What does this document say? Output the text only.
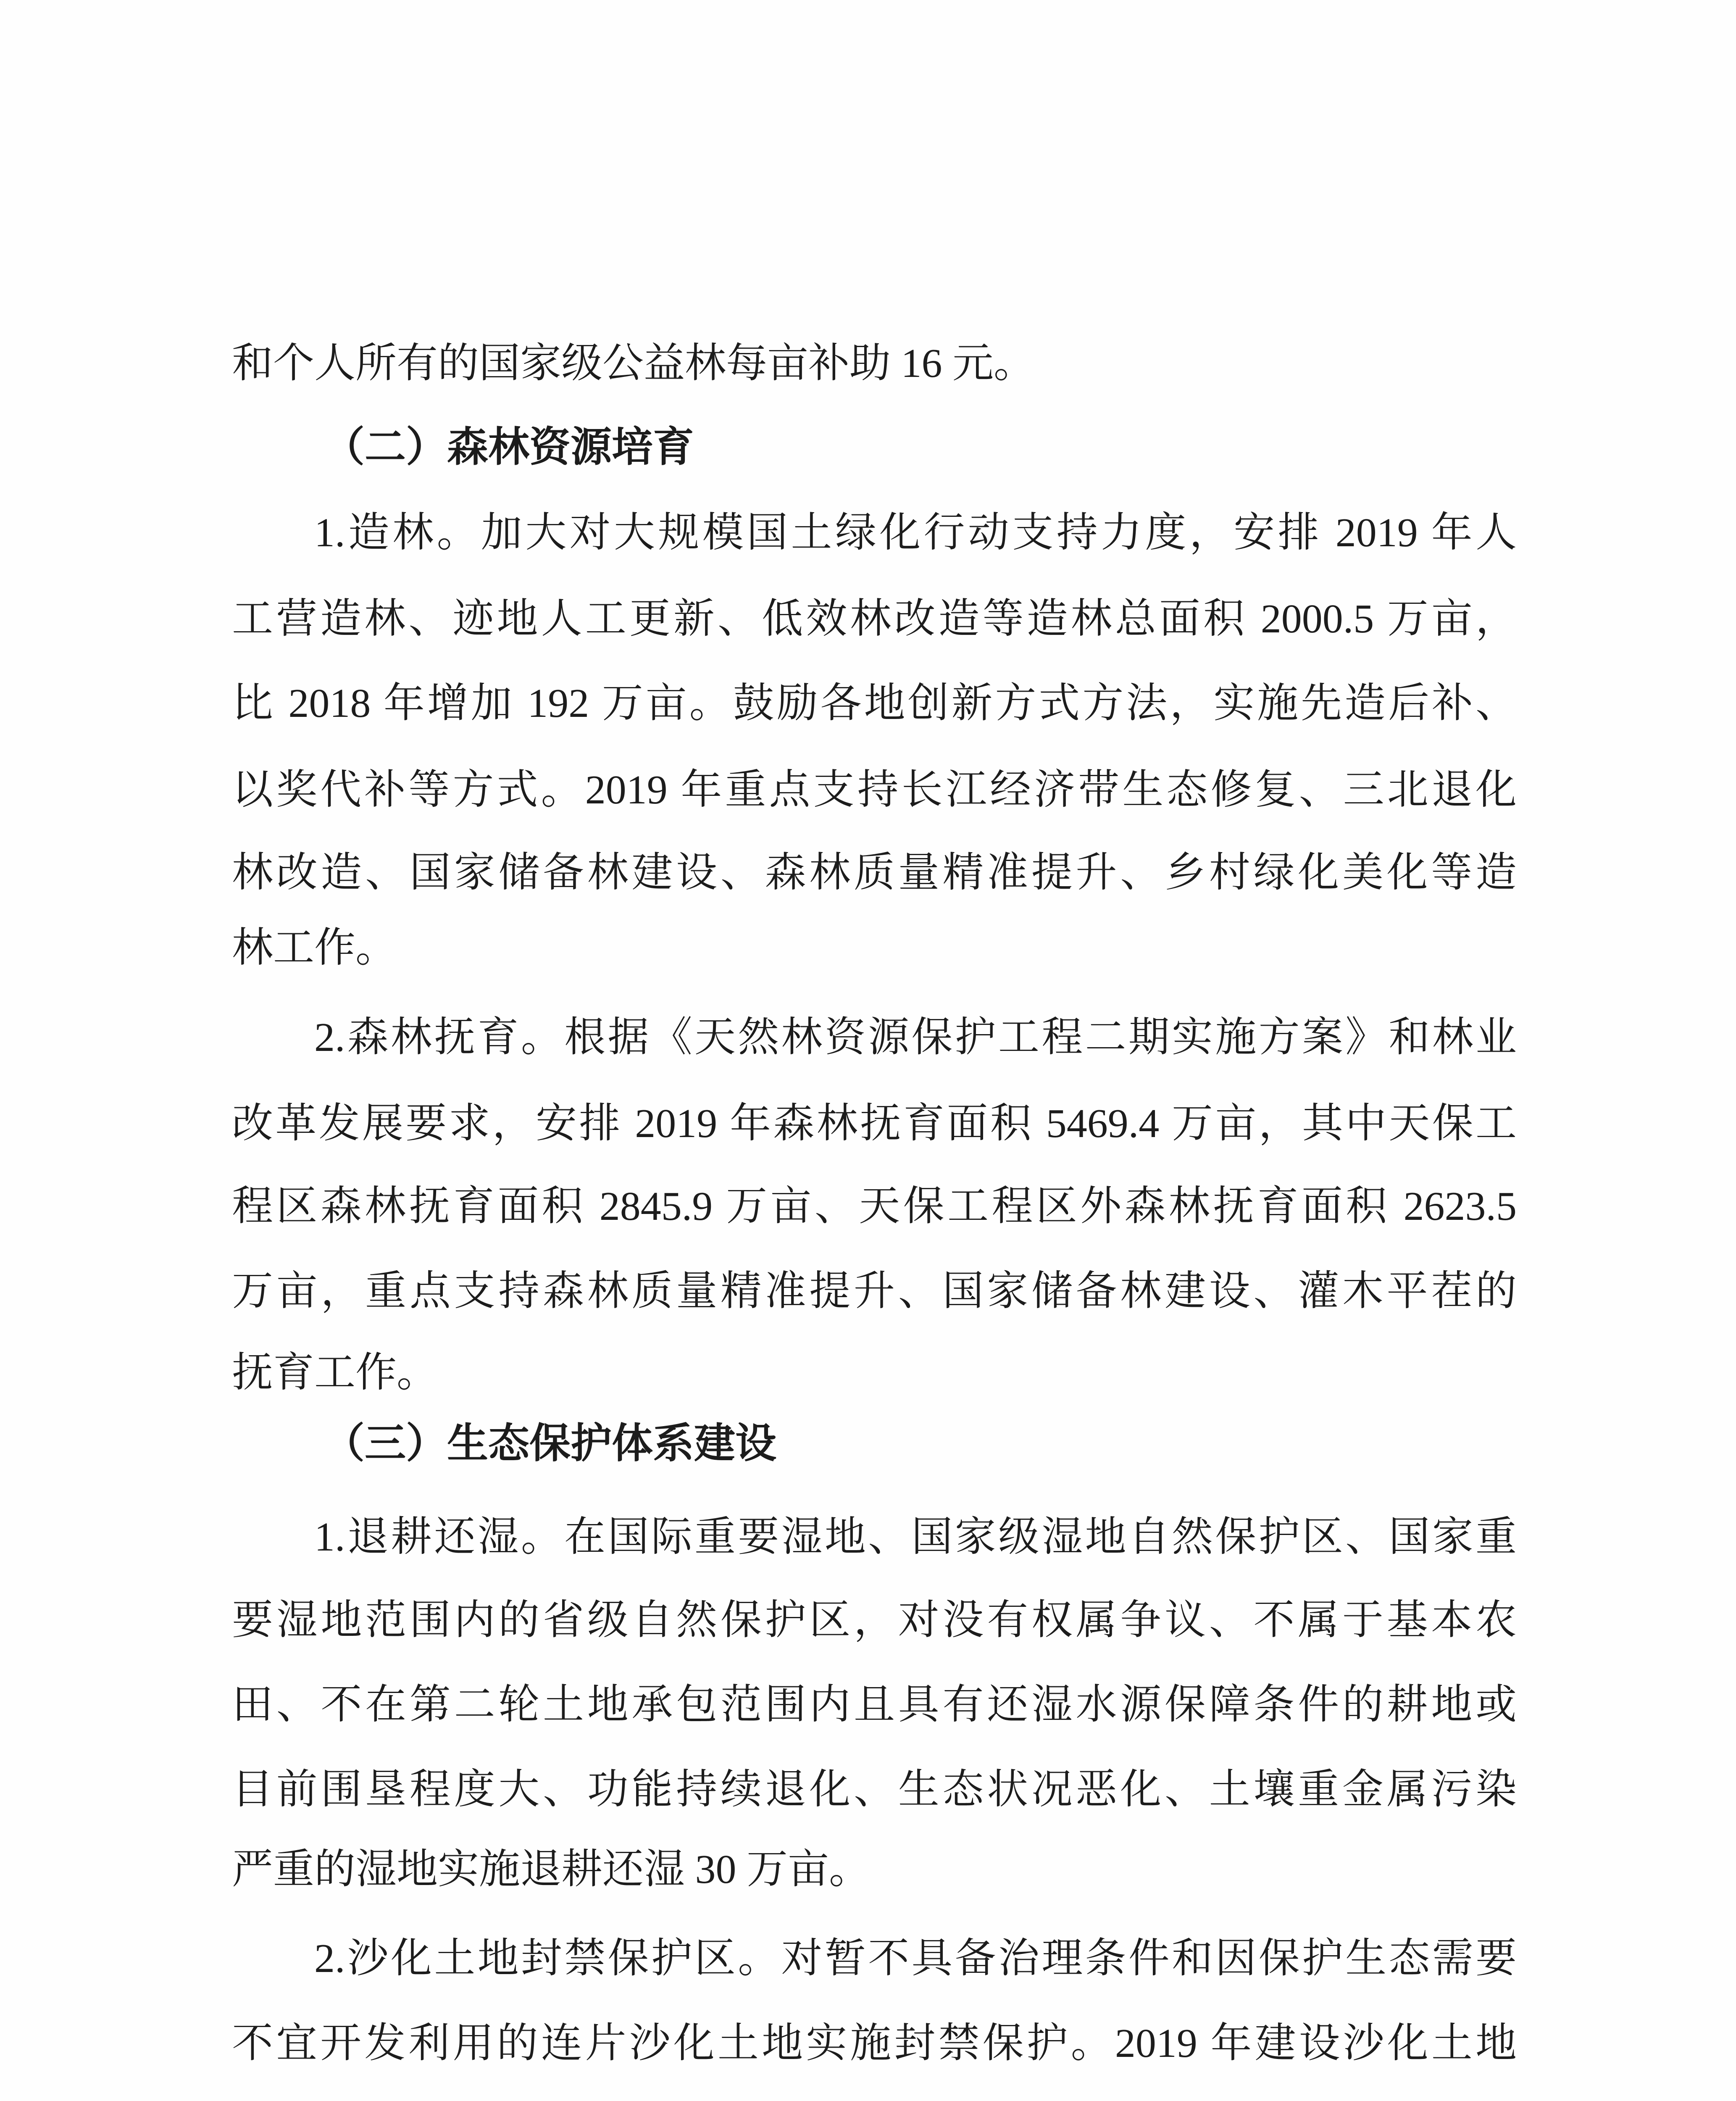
和个人所有的国家级公益林每亩补助 16 元。
（二）森林资源培育
1.造林。加大对大规模国土绿化行动支持力度，安排 2019 年人
工营造林、迹地人工更新、低效林改造等造林总面积 2000.5 万亩，
比 2018 年增加 192 万亩。鼓励各地创新方式方法，实施先造后补、
以奖代补等方式。2019 年重点支持长江经济带生态修复、三北退化
林改造、国家储备林建设、森林质量精准提升、乡村绿化美化等造
林工作。
2.森林抚育。根据《天然林资源保护工程二期实施方案》和林业
改革发展要求，安排 2019 年森林抚育面积 5469.4 万亩，其中天保工
程区森林抚育面积 2845.9 万亩、天保工程区外森林抚育面积 2623.5
万亩，重点支持森林质量精准提升、国家储备林建设、灌木平茬的
抚育工作。
（三）生态保护体系建设
1.退耕还湿。在国际重要湿地、国家级湿地自然保护区、国家重
要湿地范围内的省级自然保护区，对没有权属争议、不属于基本农
田、不在第二轮土地承包范围内且具有还湿水源保障条件的耕地或
目前围垦程度大、功能持续退化、生态状况恶化、土壤重金属污染
严重的湿地实施退耕还湿 30 万亩。
2.沙化土地封禁保护区。对暂不具备治理条件和因保护生态需要
不宜开发利用的连片沙化土地实施封禁保护。2019 年建设沙化土地
